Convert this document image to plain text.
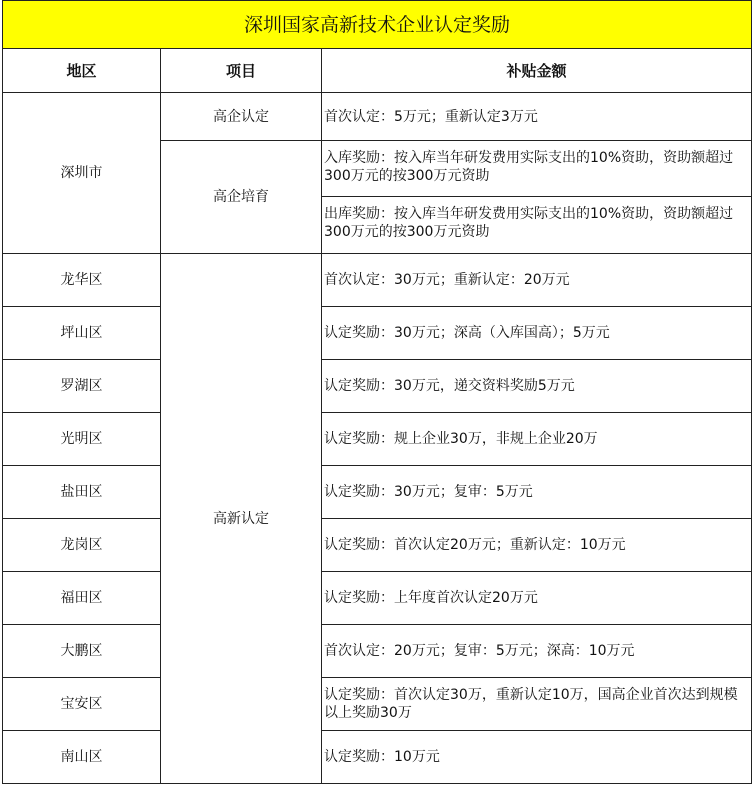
深圳国家高新技术企业认定奖励		
地区	项目	补贴金额
深圳市	高企认定	首次认定：5万元；重新认定3万元
	高企培育	入库奖励：按入库当年研发费用实际支出的10%资助，资助额超过300万元的按300万元资助
		出库奖励：按入库当年研发费用实际支出的10%资助，资助额超过300万元的按300万元资助
龙华区	高新认定	首次认定：30万元；重新认定：20万元
坪山区		认定奖励：30万元；深高（入库国高）；5万元
罗湖区		认定奖励：30万元，递交资料奖励5万元
光明区		认定奖励：规上企业30万，非规上企业20万
盐田区		认定奖励：30万元；复审：5万元
龙岗区		认定奖励：首次认定20万元；重新认定：10万元
福田区		认定奖励：上年度首次认定20万元
大鹏区		首次认定：20万元；复审：5万元；深高：10万元
宝安区		认定奖励：首次认定30万，重新认定10万，国高企业首次达到规模以上奖励30万
南山区		认定奖励：10万元
